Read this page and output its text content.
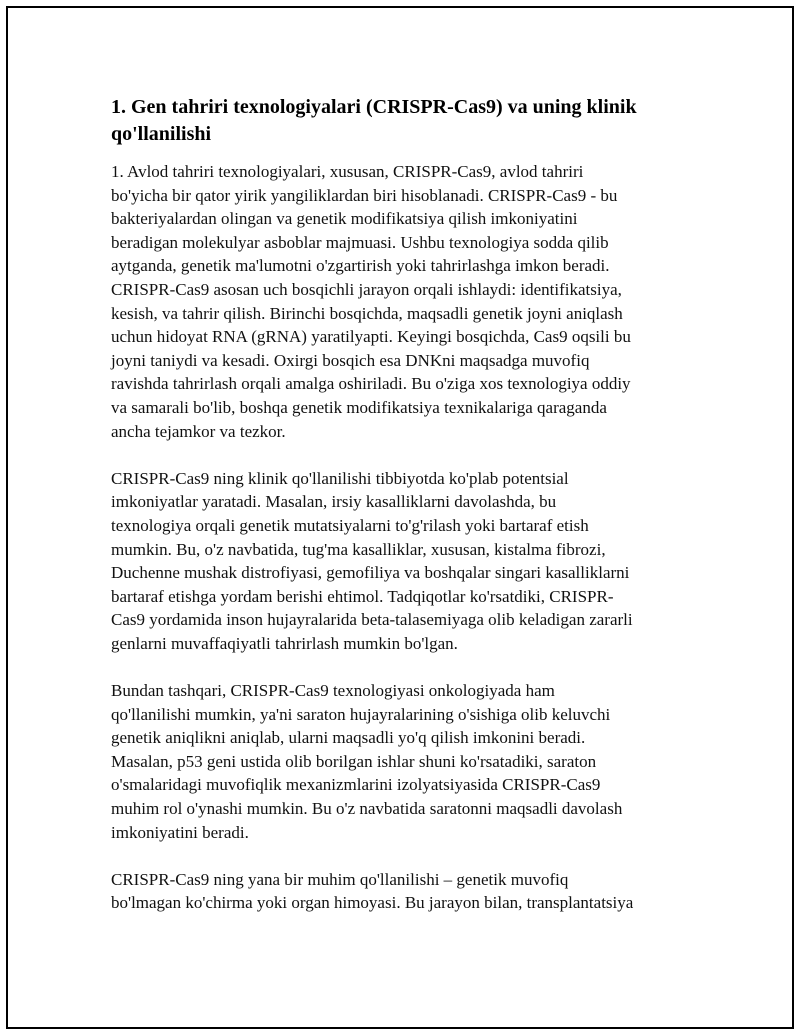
1. Gen tahriri texnologiyalari (CRISPR-Cas9) va uning klinik qo'llanilishi
1. Avlod tahriri texnologiyalari, xususan, CRISPR-Cas9, avlod tahriri
bo'yicha bir qator yirik yangiliklardan biri hisoblanadi. CRISPR-Cas9 - bu
bakteriyalardan olingan va genetik modifikatsiya qilish imkoniyatini
beradigan molekulyar asboblar majmuasi. Ushbu texnologiya sodda qilib
aytganda, genetik ma'lumotni o'zgartirish yoki tahrirlashga imkon beradi.
CRISPR-Cas9 asosan uch bosqichli jarayon orqali ishlaydi: identifikatsiya,
kesish, va tahrir qilish. Birinchi bosqichda, maqsadli genetik joyni aniqlash
uchun hidoyat RNA (gRNA) yaratilyapti. Keyingi bosqichda, Cas9 oqsili bu
joyni taniydi va kesadi. Oxirgi bosqich esa DNKni maqsadga muvofiq
ravishda tahrirlash orqali amalga oshiriladi. Bu o'ziga xos texnologiya oddiy
va samarali bo'lib, boshqa genetik modifikatsiya texnikalariga qaraganda
ancha tejamkor va tezkor.
CRISPR-Cas9 ning klinik qo'llanilishi tibbiyotda ko'plab potentsial
imkoniyatlar yaratadi. Masalan, irsiy kasalliklarni davolashda, bu
texnologiya orqali genetik mutatsiyalarni to'g'rilash yoki bartaraf etish
mumkin. Bu, o'z navbatida, tug'ma kasalliklar, xususan, kistalma fibrozi,
Duchenne mushak distrofiyasi, gemofiliya va boshqalar singari kasalliklarni
bartaraf etishga yordam berishi ehtimol. Tadqiqotlar ko'rsatdiki, CRISPR-
Cas9 yordamida inson hujayralarida beta-talasemiyaga olib keladigan zararli
genlarni muvaffaqiyatli tahrirlash mumkin bo'lgan.
Bundan tashqari, CRISPR-Cas9 texnologiyasi onkologiyada ham
qo'llanilishi mumkin, ya'ni saraton hujayralarining o'sishiga olib keluvchi
genetik aniqlikni aniqlab, ularni maqsadli yo'q qilish imkonini beradi.
Masalan, p53 geni ustida olib borilgan ishlar shuni ko'rsatadiki, saraton
o'smalaridagi muvofiqlik mexanizmlarini izolyatsiyasida CRISPR-Cas9
muhim rol o'ynashi mumkin. Bu o'z navbatida saratonni maqsadli davolash
imkoniyatini beradi.
CRISPR-Cas9 ning yana bir muhim qo'llanilishi – genetik muvofiq
bo'lmagan ko'chirma yoki organ himoyasi. Bu jarayon bilan, transplantatsiya
